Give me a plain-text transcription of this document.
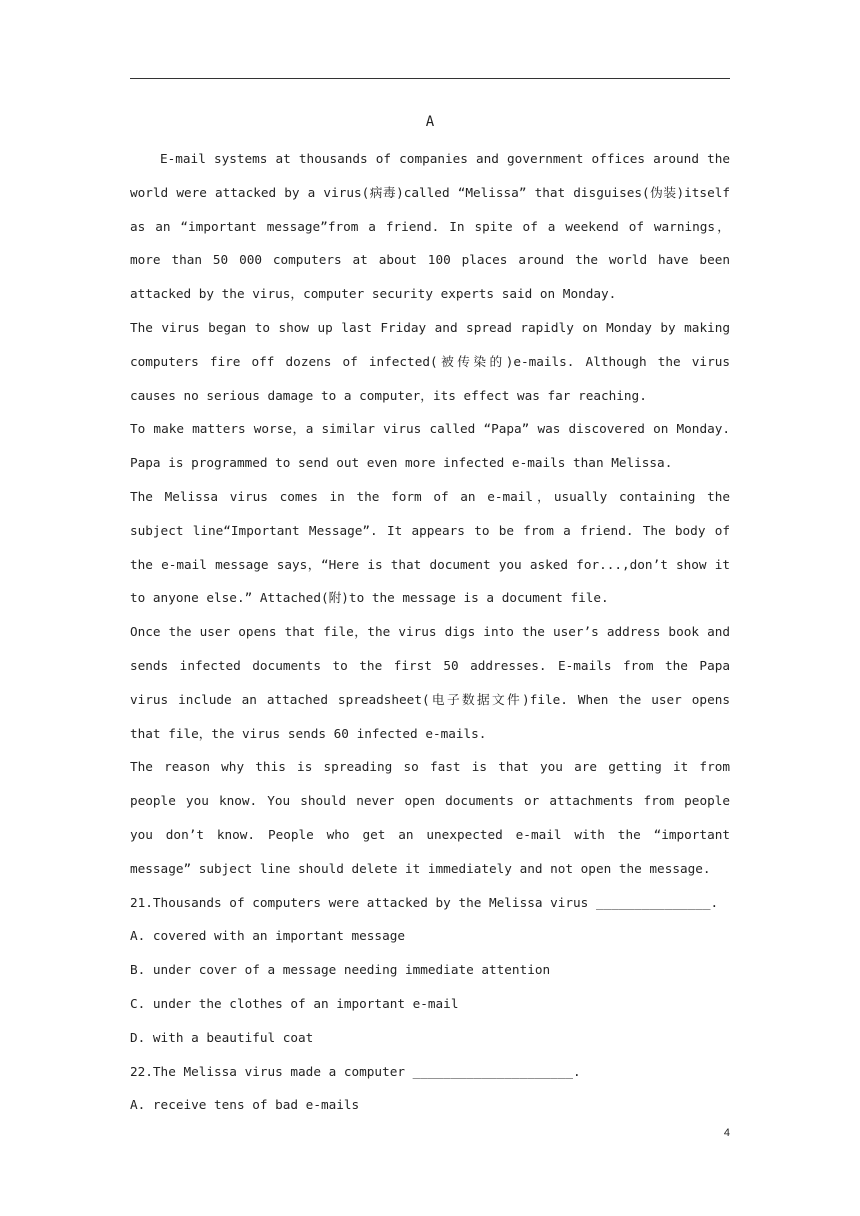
A

E-mail systems at thousands of companies and government offices around the world were attacked by a virus(病毒)called “Melissa” that disguises(伪装)itself as an “important message”from a friend. In spite of a weekend of warnings，more than 50 000 computers at about 100 places around the world have been attacked by the virus，computer security experts said on Monday.

The virus began to show up last Friday and spread rapidly on Monday by making computers fire off dozens of infected(被传染的)e-mails. Although the virus causes no serious damage to a computer，its effect was far reaching.

To make matters worse，a similar virus called “Papa” was discovered on Monday. Papa is programmed to send out even more infected e-mails than Melissa.

The Melissa virus comes in the form of an e-mail，usually containing the subject line“Important Message”. It appears to be from a friend. The body of the e-mail message says，“Here is that document you asked for...,don’t show it to anyone else.” Attached(附)to the message is a document file.

Once the user opens that file，the virus digs into the user’s address book and sends infected documents to the first 50 addresses. E-mails from the Papa virus include an attached spreadsheet(电子数据文件)file. When the user opens that file，the virus sends 60 infected e-mails.

The reason why this is spreading so fast is that you are getting it from people you know. You should never open documents or attachments from people you don’t know. People who get an unexpected e-mail with the “important message” subject line should delete it immediately and not open the message.

21.Thousands of computers were attacked by the Melissa virus _______________.

A. covered with an important message

B. under cover of a message needing immediate attention

C. under the clothes of an important e-mail

D. with a beautiful coat

22.The Melissa virus made a computer _____________________.

A. receive tens of bad e-mails

4
